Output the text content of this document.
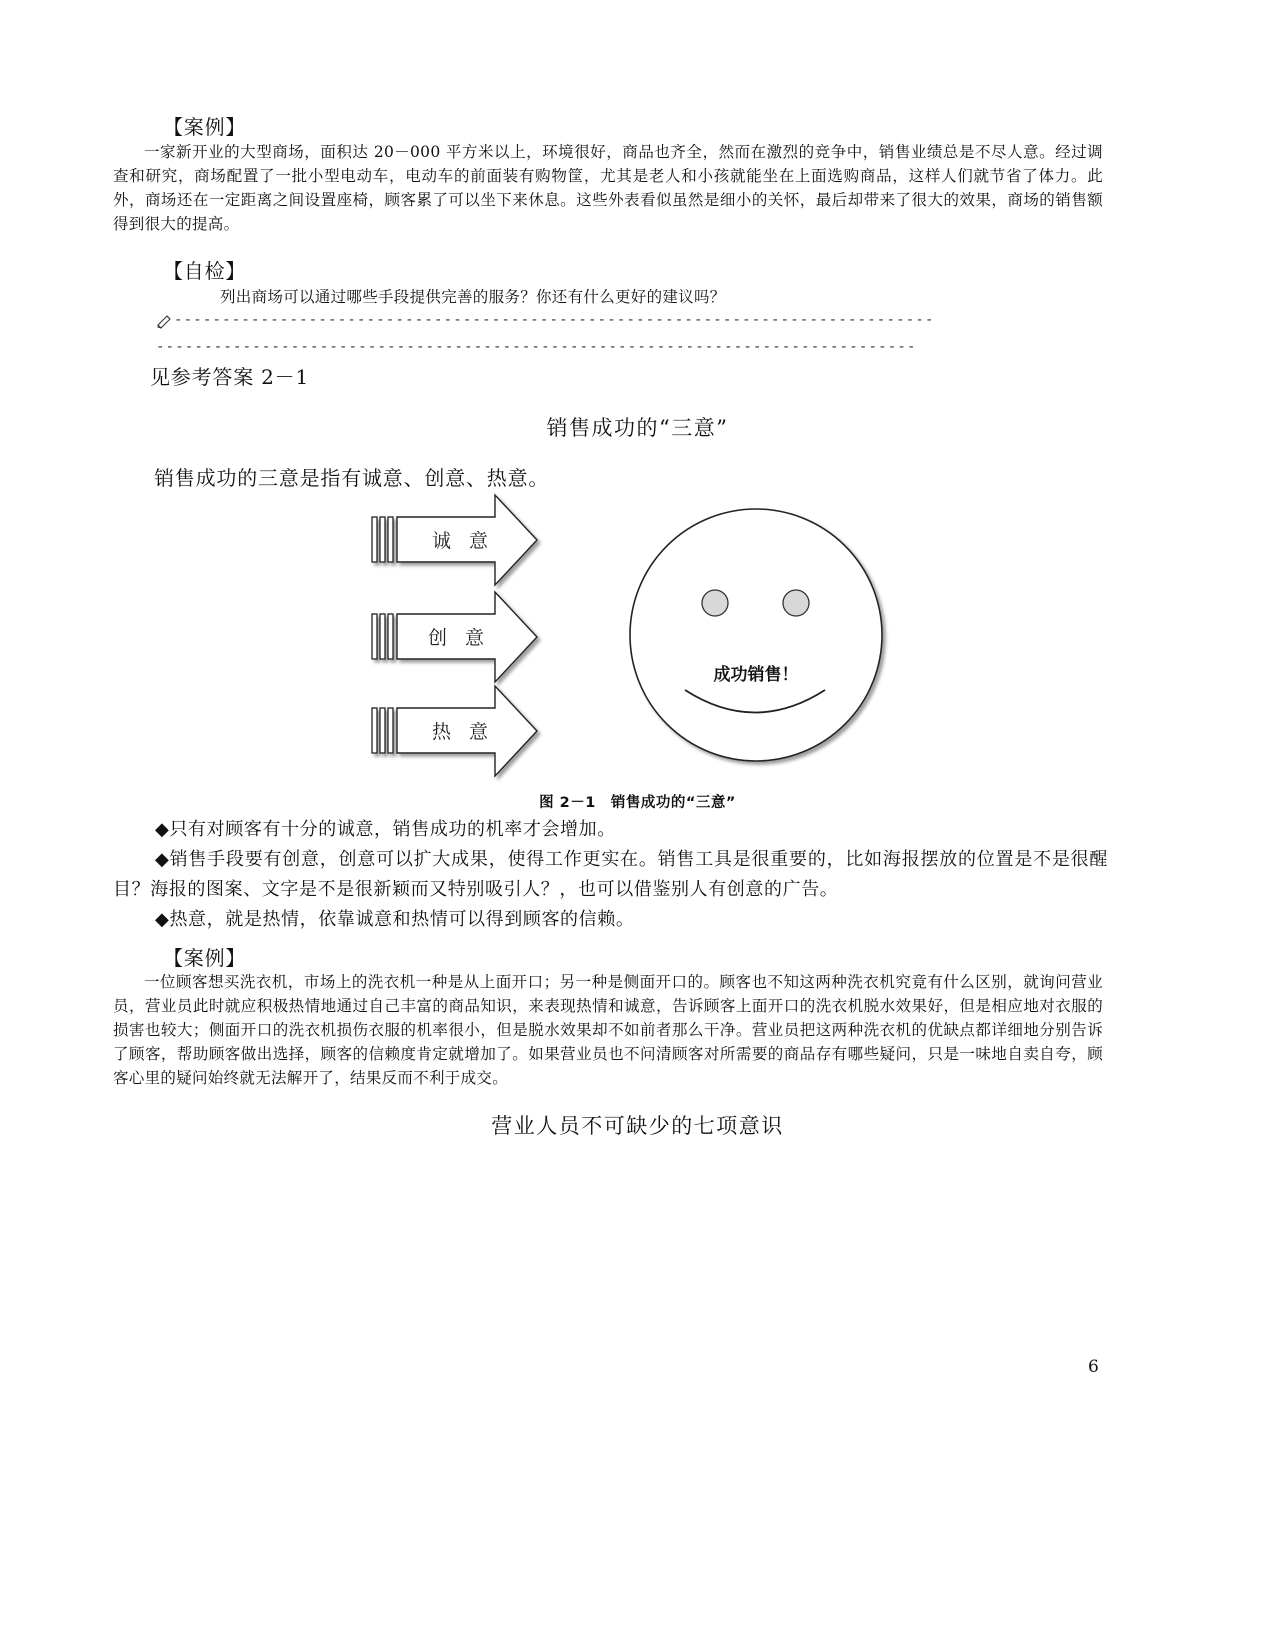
【案例】
一家新开业的大型商场，面积达 20－000 平方米以上，环境很好，商品也齐全，然而在激烈的竞争中，销售业绩总是不尽人意。经过调查和研究，商场配置了一批小型电动车，电动车的前面装有购物筐，尤其是老人和小孩就能坐在上面选购商品，这样人们就节省了体力。此外，商场还在一定距离之间设置座椅，顾客累了可以坐下来休息。这些外表看似虽然是细小的关怀，最后却带来了很大的效果，商场的销售额得到很大的提高。
【自检】
列出商场可以通过哪些手段提供完善的服务？你还有什么更好的建议吗？
-------------------------------------------------------------------------------
-------------------------------------------------------------------------------
见参考答案 2－1
销售成功的“三意”
销售成功的三意是指有诚意、创意、热意。
诚 意
创 意
热 意
成功销售！
图 2－1　销售成功的“三意”
◆只有对顾客有十分的诚意，销售成功的机率才会增加。
◆销售手段要有创意，创意可以扩大成果，使得工作更实在。销售工具是很重要的，比如海报摆放的位置是不是很醒目？海报的图案、文字是不是很新颖而又特别吸引人？，也可以借鉴别人有创意的广告。
◆热意，就是热情，依靠诚意和热情可以得到顾客的信赖。
【案例】
一位顾客想买洗衣机，市场上的洗衣机一种是从上面开口；另一种是侧面开口的。顾客也不知这两种洗衣机究竟有什么区别，就询问营业员，营业员此时就应积极热情地通过自己丰富的商品知识，来表现热情和诚意，告诉顾客上面开口的洗衣机脱水效果好，但是相应地对衣服的损害也较大；侧面开口的洗衣机损伤衣服的机率很小，但是脱水效果却不如前者那么干净。营业员把这两种洗衣机的优缺点都详细地分别告诉了顾客，帮助顾客做出选择，顾客的信赖度肯定就增加了。如果营业员也不问清顾客对所需要的商品存有哪些疑问，只是一味地自卖自夸，顾客心里的疑问始终就无法解开了，结果反而不利于成交。
营业人员不可缺少的七项意识
6
